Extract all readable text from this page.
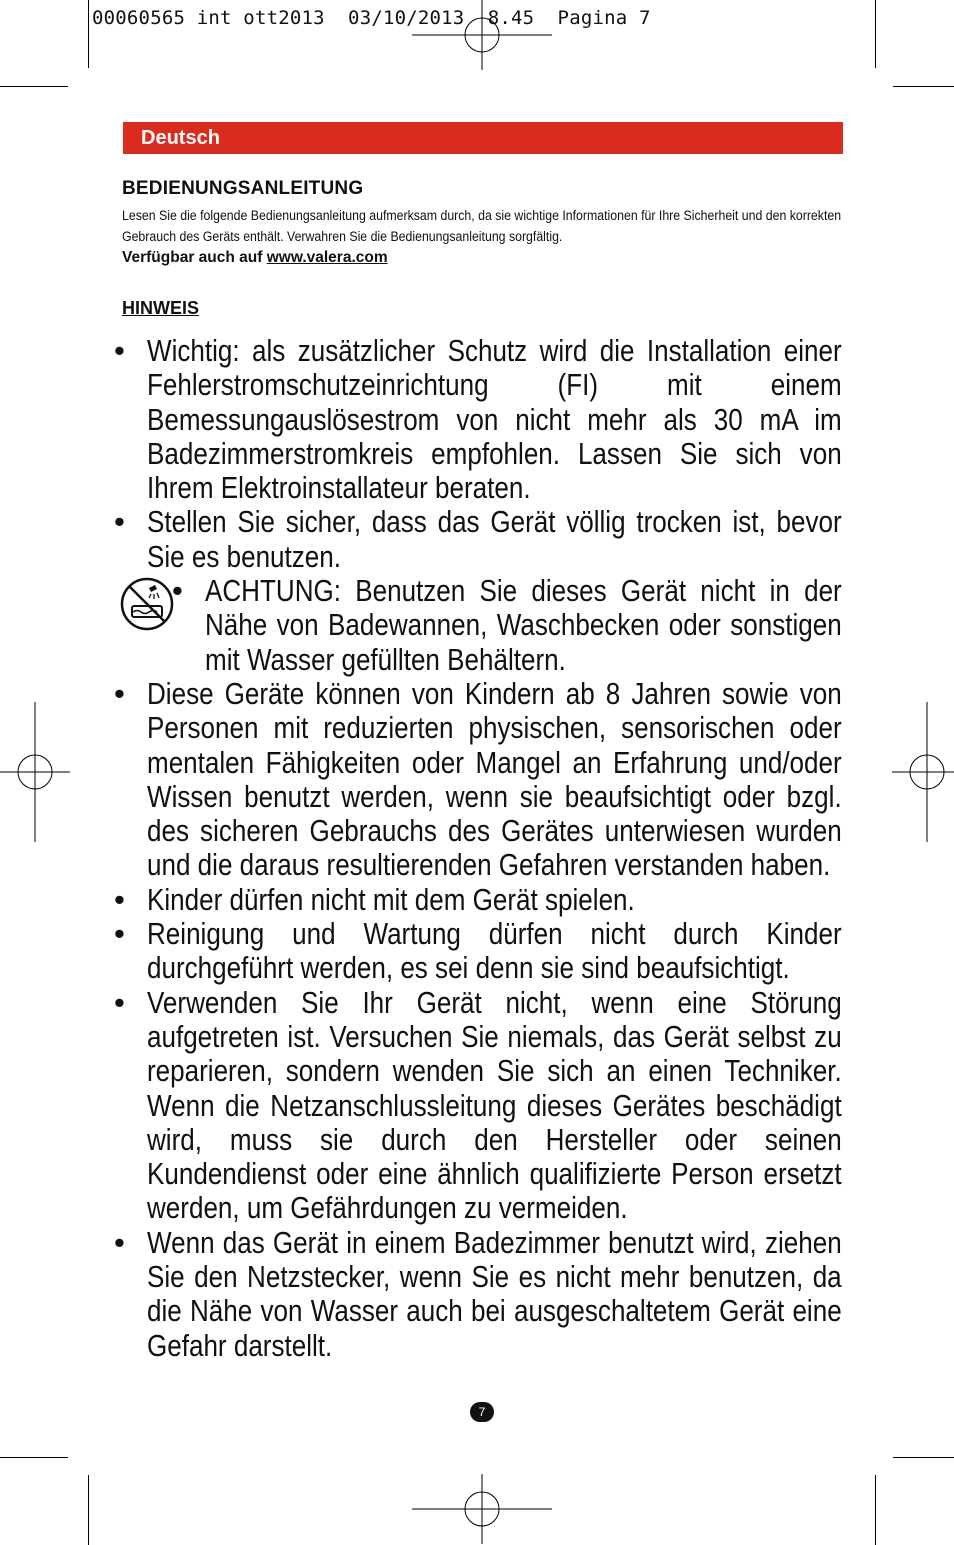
00060565 int ott2013  03/10/2013  8.45  Pagina 7
Deutsch

BEDIENUNGSANLEITUNG

Lesen Sie die folgende Bedienungsanleitung aufmerksam durch, da sie wichtige Informationen für Ihre Sicherheit und den korrekten Gebrauch des Geräts enthält. Verwahren Sie die Bedienungsanleitung sorgfältig.

Verfügbar auch auf www.valera.com
HINWEIS

• Wichtig: als zusätzlicher Schutz wird die Installation einer Fehlerstromschutzeinrichtung (FI) mit einem Bemessungauslösestrom von nicht mehr als 30 mA im Badezimmerstromkreis empfohlen. Lassen Sie sich von Ihrem Elektroinstallateur beraten.

• Stellen Sie sicher, dass das Gerät völlig trocken ist, bevor Sie es benutzen.

• ACHTUNG: Benutzen Sie dieses Gerät nicht in der Nähe von Badewannen, Waschbecken oder sonstigen mit Wasser gefüllten Behältern.

• Diese Geräte können von Kindern ab 8 Jahren sowie von Personen mit reduzierten physischen, sensorischen oder mentalen Fähigkeiten oder Mangel an Erfahrung und/oder Wissen benutzt werden, wenn sie beaufsichtigt oder bzgl. des sicheren Gebrauchs des Gerätes unterwiesen wurden und die daraus resultierenden Gefahren verstanden haben.

• Kinder dürfen nicht mit dem Gerät spielen.

• Reinigung und Wartung dürfen nicht durch Kinder durchgeführt werden, es sei denn sie sind beaufsichtigt.

• Verwenden Sie Ihr Gerät nicht, wenn eine Störung aufgetreten ist. Versuchen Sie niemals, das Gerät selbst zu reparieren, sondern wenden Sie sich an einen Techniker. Wenn die Netzanschlussleitung dieses Gerätes beschädigt wird, muss sie durch den Hersteller oder seinen Kundendienst oder eine ähnlich qualifizierte Person ersetzt werden, um Gefährdungen zu vermeiden.

• Wenn das Gerät in einem Badezimmer benutzt wird, ziehen Sie den Netzstecker, wenn Sie es nicht mehr benutzen, da die Nähe von Wasser auch bei ausgeschaltetem Gerät eine Gefahr darstellt.

7
